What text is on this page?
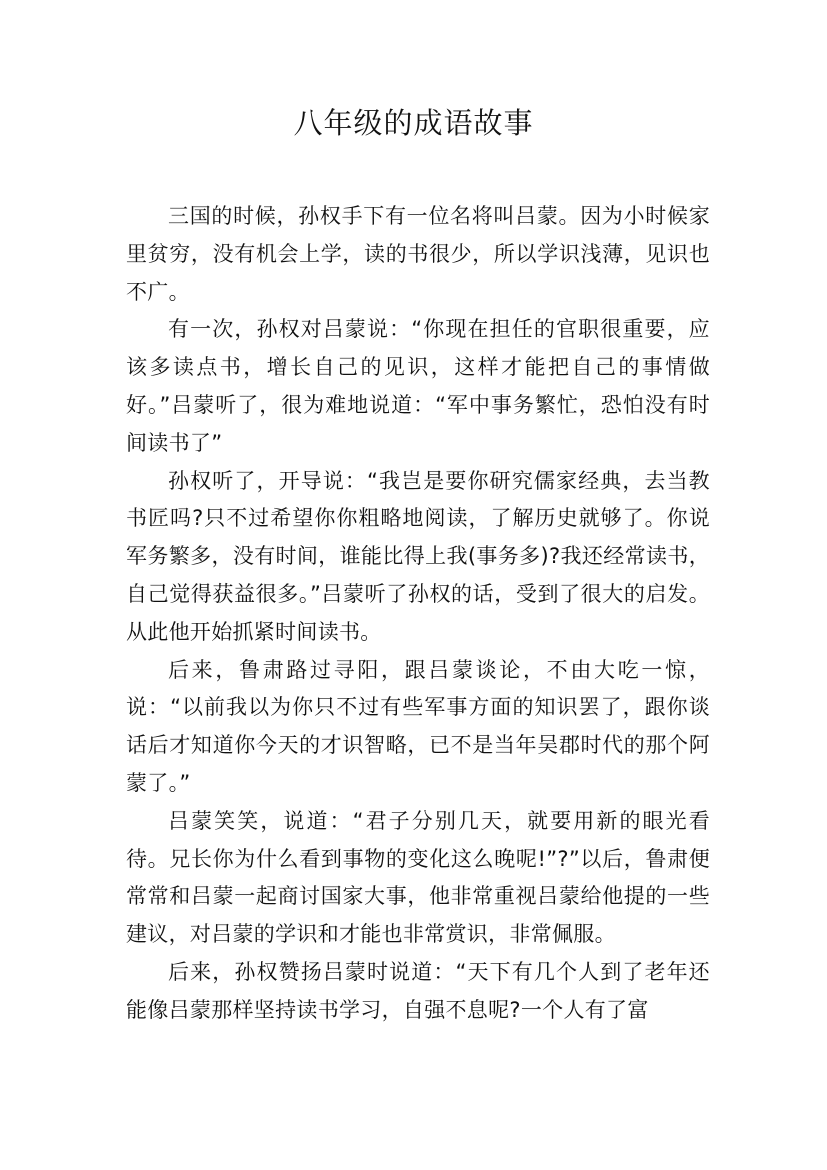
八年级的成语故事

三国的时候，孙权手下有一位名将叫吕蒙。因为小时候家里贫穷，没有机会上学，读的书很少，所以学识浅薄，见识也不广。

有一次，孙权对吕蒙说：“你现在担任的官职很重要，应该多读点书，增长自己的见识，这样才能把自己的事情做好。”吕蒙听了，很为难地说道：“军中事务繁忙，恐怕没有时间读书了”

孙权听了，开导说：“我岂是要你研究儒家经典，去当教书匠吗?只不过希望你你粗略地阅读，了解历史就够了。你说军务繁多，没有时间，谁能比得上我(事务多)?我还经常读书，自己觉得获益很多。”吕蒙听了孙权的话，受到了很大的启发。从此他开始抓紧时间读书。

后来，鲁肃路过寻阳，跟吕蒙谈论，不由大吃一惊，说：“以前我以为你只不过有些军事方面的知识罢了，跟你谈话后才知道你今天的才识智略，已不是当年吴郡时代的那个阿蒙了。”

吕蒙笑笑，说道：“君子分别几天，就要用新的眼光看待。兄长你为什么看到事物的变化这么晚呢!”?”以后，鲁肃便常常和吕蒙一起商讨国家大事，他非常重视吕蒙给他提的一些建议，对吕蒙的学识和才能也非常赏识，非常佩服。

后来，孙权赞扬吕蒙时说道：“天下有几个人到了老年还能像吕蒙那样坚持读书学习，自强不息呢?一个人有了富
